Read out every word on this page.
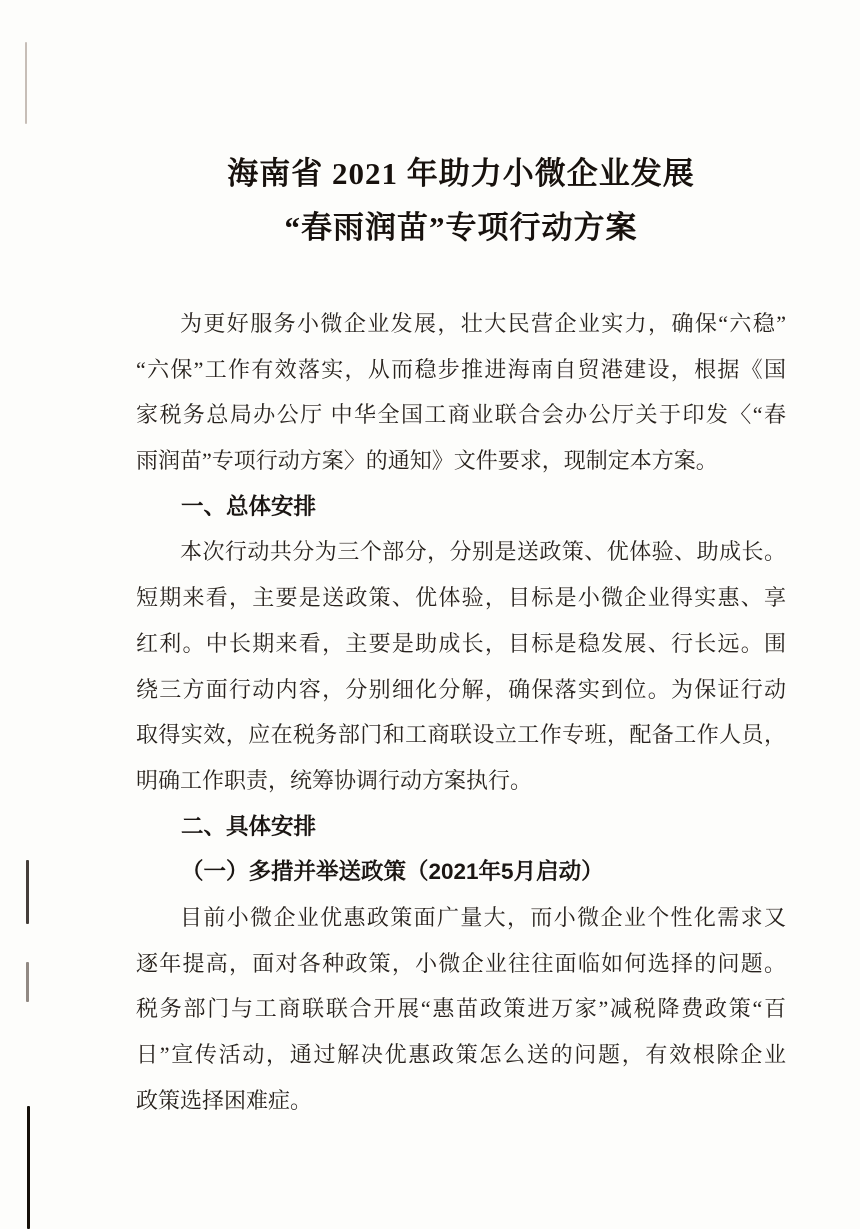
海南省 2021 年助力小微企业发展
“春雨润苗”专项行动方案
为更好服务小微企业发展，壮大民营企业实力，确保“六稳”
“六保”工作有效落实，从而稳步推进海南自贸港建设，根据《国
家税务总局办公厅 中华全国工商业联合会办公厅关于印发〈“春
雨润苗”专项行动方案〉的通知》文件要求，现制定本方案。
一、总体安排
本次行动共分为三个部分，分别是送政策、优体验、助成长。
短期来看，主要是送政策、优体验，目标是小微企业得实惠、享
红利。中长期来看，主要是助成长，目标是稳发展、行长远。围
绕三方面行动内容，分别细化分解，确保落实到位。为保证行动
取得实效，应在税务部门和工商联设立工作专班，配备工作人员，
明确工作职责，统筹协调行动方案执行。
二、具体安排
（一）多措并举送政策（2021年5月启动）
目前小微企业优惠政策面广量大，而小微企业个性化需求又
逐年提高，面对各种政策，小微企业往往面临如何选择的问题。
税务部门与工商联联合开展“惠苗政策进万家”减税降费政策“百
日”宣传活动，通过解决优惠政策怎么送的问题，有效根除企业
政策选择困难症。
